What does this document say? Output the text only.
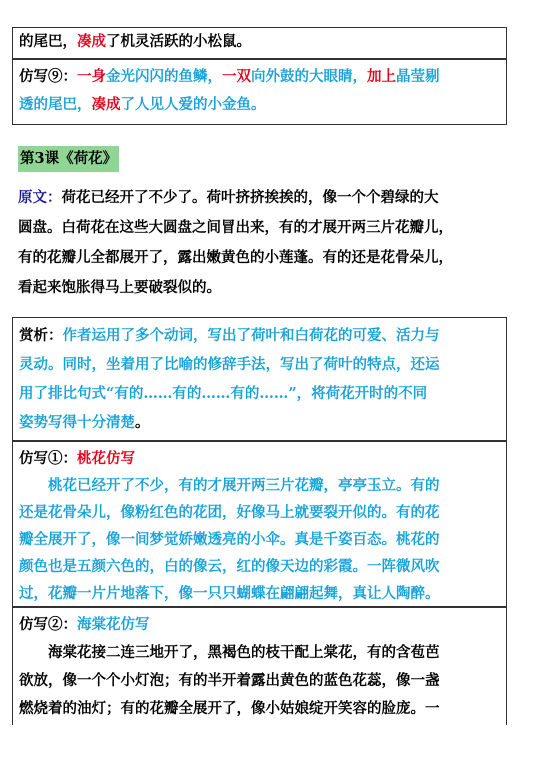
的尾巴，凑成了机灵活跃的小松鼠。
仿写⑨：一身金光闪闪的鱼鳞，一双向外鼓的大眼睛，加上晶莹剔
透的尾巴，凑成了人见人爱的小金鱼。
第3课《荷花》
原文：荷花已经开了不少了。荷叶挤挤挨挨的，像一个个碧绿的大
圆盘。白荷花在这些大圆盘之间冒出来，有的才展开两三片花瓣儿，
有的花瓣儿全都展开了，露出嫩黄色的小莲蓬。有的还是花骨朵儿，
看起来饱胀得马上要破裂似的。
赏析：作者运用了多个动词，写出了荷叶和白荷花的可爱、活力与
灵动。同时，坐着用了比喻的修辞手法，写出了荷叶的特点，还运
用了排比句式“有的……有的……有的……”，将荷花开时的不同
姿势写得十分清楚。
仿写①：桃花仿写
桃花已经开了不少，有的才展开两三片花瓣，亭亭玉立。有的
还是花骨朵儿，像粉红色的花团，好像马上就要裂开似的。有的花
瓣全展开了，像一间梦觉娇嫩透亮的小伞。真是千姿百态。桃花的
颜色也是五颜六色的，白的像云，红的像天边的彩霞。一阵微风吹
过，花瓣一片片地落下，像一只只蝴蝶在翩翩起舞，真让人陶醉。
仿写②：海棠花仿写
海棠花接二连三地开了，黑褐色的枝干配上棠花，有的含苞芭
欲放，像一个个小灯泡；有的半开着露出黄色的蓝色花蕊，像一盏
燃烧着的油灯；有的花瓣全展开了，像小姑娘绽开笑容的脸庞。一
